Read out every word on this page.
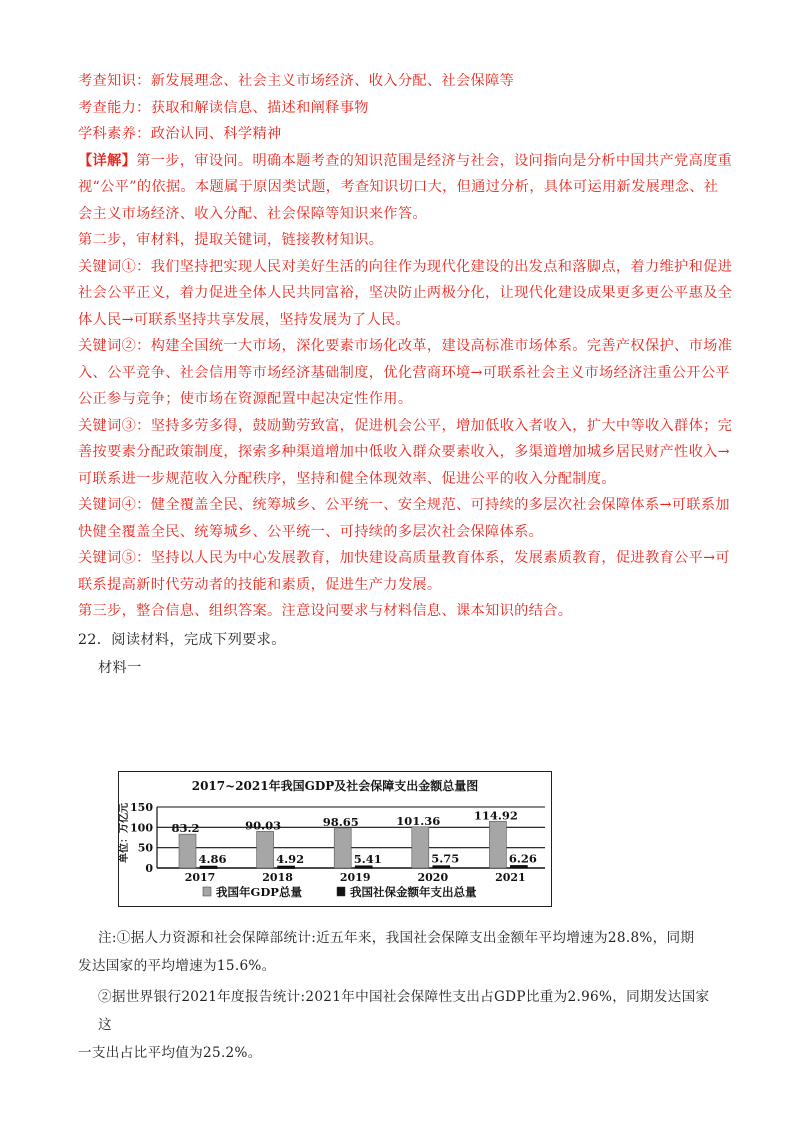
考查知识：新发展理念、社会主义市场经济、收入分配、社会保障等
考查能力：获取和解读信息、描述和阐释事物
学科素养：政治认同、科学精神
【详解】第一步，审设问。明确本题考查的知识范围是经济与社会，设问指向是分析中国共产党高度重
视“公平”的依据。本题属于原因类试题，考查知识切口大，但通过分析，具体可运用新发展理念、社
会主义市场经济、收入分配、社会保障等知识来作答。
第二步，审材料，提取关键词，链接教材知识。
关键词①：我们坚持把实现人民对美好生活的向往作为现代化建设的出发点和落脚点，着力维护和促进
社会公平正义，着力促进全体人民共同富裕，坚决防止两极分化，让现代化建设成果更多更公平惠及全
体人民→可联系坚持共享发展，坚持发展为了人民。
关键词②：构建全国统一大市场，深化要素市场化改革，建设高标准市场体系。完善产权保护、市场准
入、公平竞争、社会信用等市场经济基础制度，优化营商环境→可联系社会主义市场经济注重公开公平
公正参与竞争；使市场在资源配置中起决定性作用。
关键词③：坚持多劳多得，鼓励勤劳致富，促进机会公平，增加低收入者收入，扩大中等收入群体；完
善按要素分配政策制度，探索多种渠道增加中低收入群众要素收入，多渠道增加城乡居民财产性收入→
可联系进一步规范收入分配秩序，坚持和健全体现效率、促进公平的收入分配制度。
关键词④：健全覆盖全民、统筹城乡、公平统一、安全规范、可持续的多层次社会保障体系→可联系加
快健全覆盖全民、统筹城乡、公平统一、可持续的多层次社会保障体系。
关键词⑤：坚持以人民为中心发展教育，加快建设高质量教育体系，发展素质教育，促进教育公平→可
联系提高新时代劳动者的技能和素质，促进生产力发展。
第三步，整合信息、组织答案。注意设问要求与材料信息、课本知识的结合。
22．阅读材料，完成下列要求。
材料一
2017~2021年我国GDP及社会保障支出金额总量图
单位：万亿元
0
50
100
150
83.2
4.86
90.03
4.92
98.65
5.41
101.36
5.75
114.92
6.26
2017	2018	2019	2020	2021
我国年GDP总量	我国社保金额年支出总量
注:①据人力资源和社会保障部统计:近五年来，我国社会保障支出金额年平均增速为28.8%，同期
发达国家的平均增速为15.6%。
②据世界银行2021年度报告统计:2021年中国社会保障性支出占GDP比重为2.96%，同期发达国家这
一支出占比平均值为25.2%。
